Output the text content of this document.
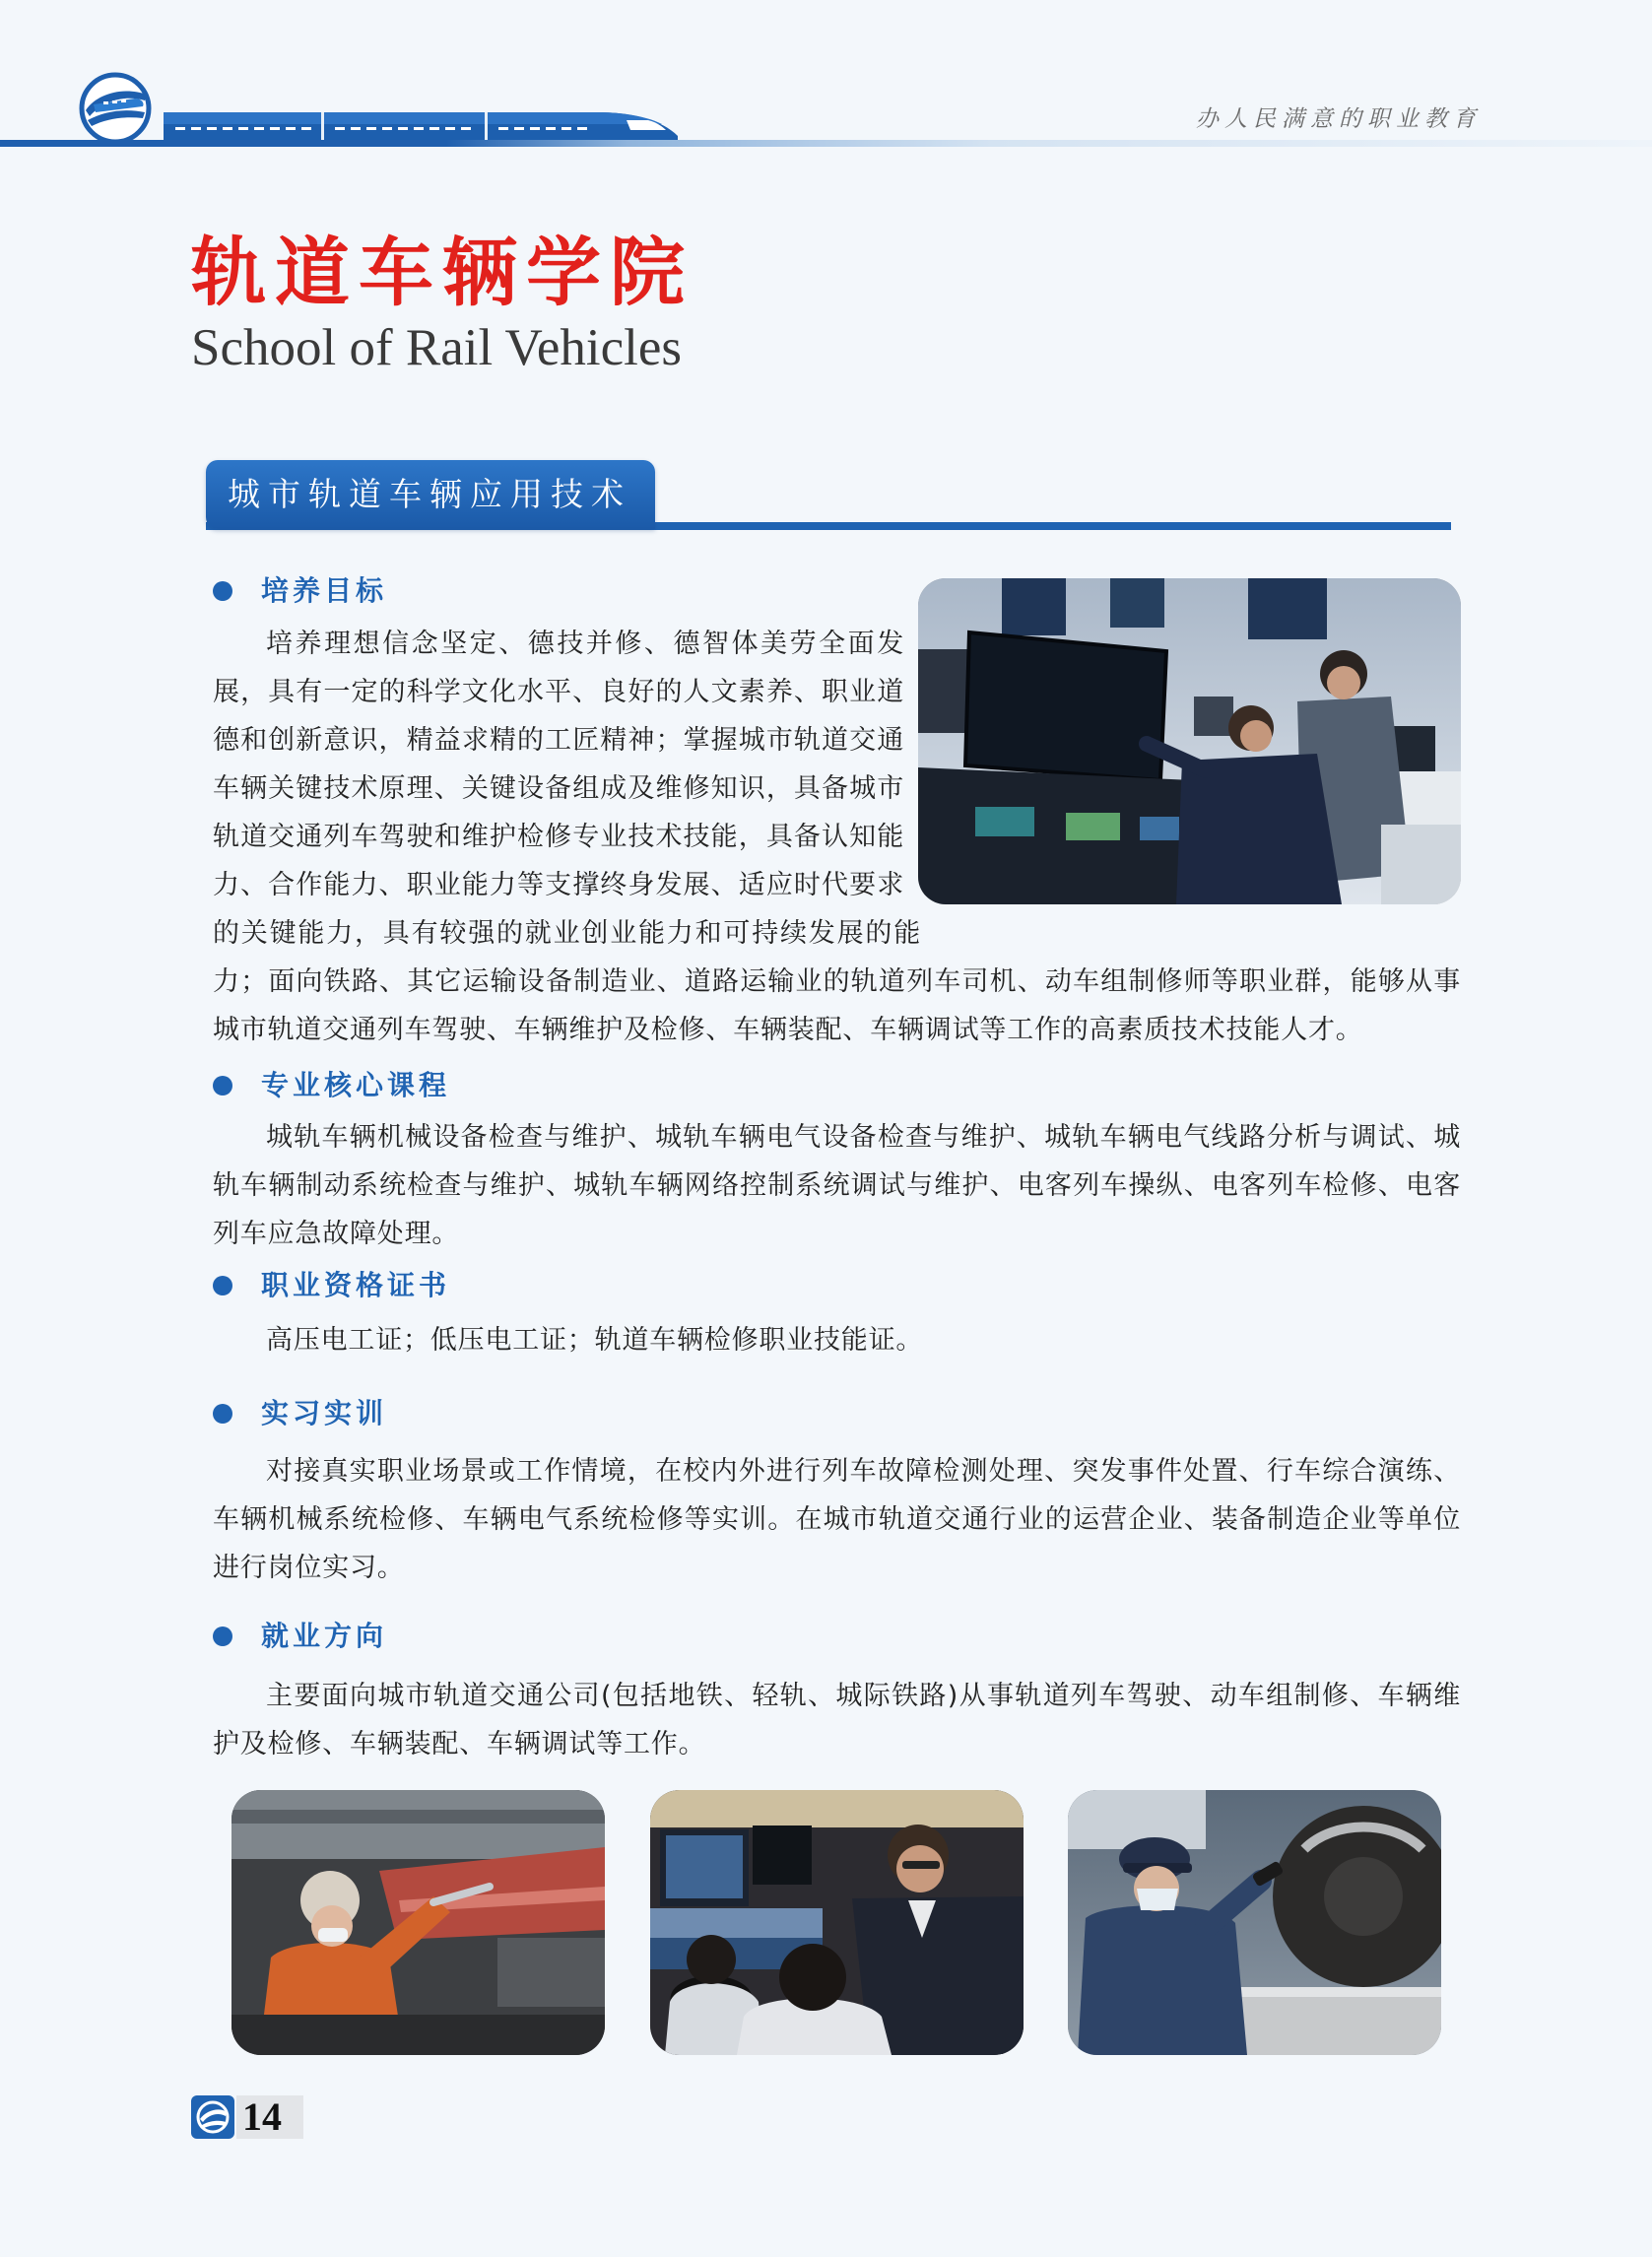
办人民满意的职业教育
轨道车辆学院
School of Rail Vehicles
城市轨道车辆应用技术
培养目标
培养理想信念坚定、德技并修、德智体美劳全面发
展，具有一定的科学文化水平、良好的人文素养、职业道
德和创新意识，精益求精的工匠精神；掌握城市轨道交通
车辆关键技术原理、关键设备组成及维修知识，具备城市
轨道交通列车驾驶和维护检修专业技术技能，具备认知能
力、合作能力、职业能力等支撑终身发展、适应时代要求
的关键能力，具有较强的就业创业能力和可持续发展的能
力；面向铁路、其它运输设备制造业、道路运输业的轨道列车司机、动车组制修师等职业群，能够从事
城市轨道交通列车驾驶、车辆维护及检修、车辆装配、车辆调试等工作的高素质技术技能人才。
专业核心课程
城轨车辆机械设备检查与维护、城轨车辆电气设备检查与维护、城轨车辆电气线路分析与调试、城
轨车辆制动系统检查与维护、城轨车辆网络控制系统调试与维护、电客列车操纵、电客列车检修、电客
列车应急故障处理。
职业资格证书
高压电工证；低压电工证；轨道车辆检修职业技能证。
实习实训
对接真实职业场景或工作情境，在校内外进行列车故障检测处理、突发事件处置、行车综合演练、
车辆机械系统检修、车辆电气系统检修等实训。在城市轨道交通行业的运营企业、装备制造企业等单位
进行岗位实习。
就业方向
主要面向城市轨道交通公司(包括地铁、轻轨、城际铁路)从事轨道列车驾驶、动车组制修、车辆维
护及检修、车辆装配、车辆调试等工作。
14
